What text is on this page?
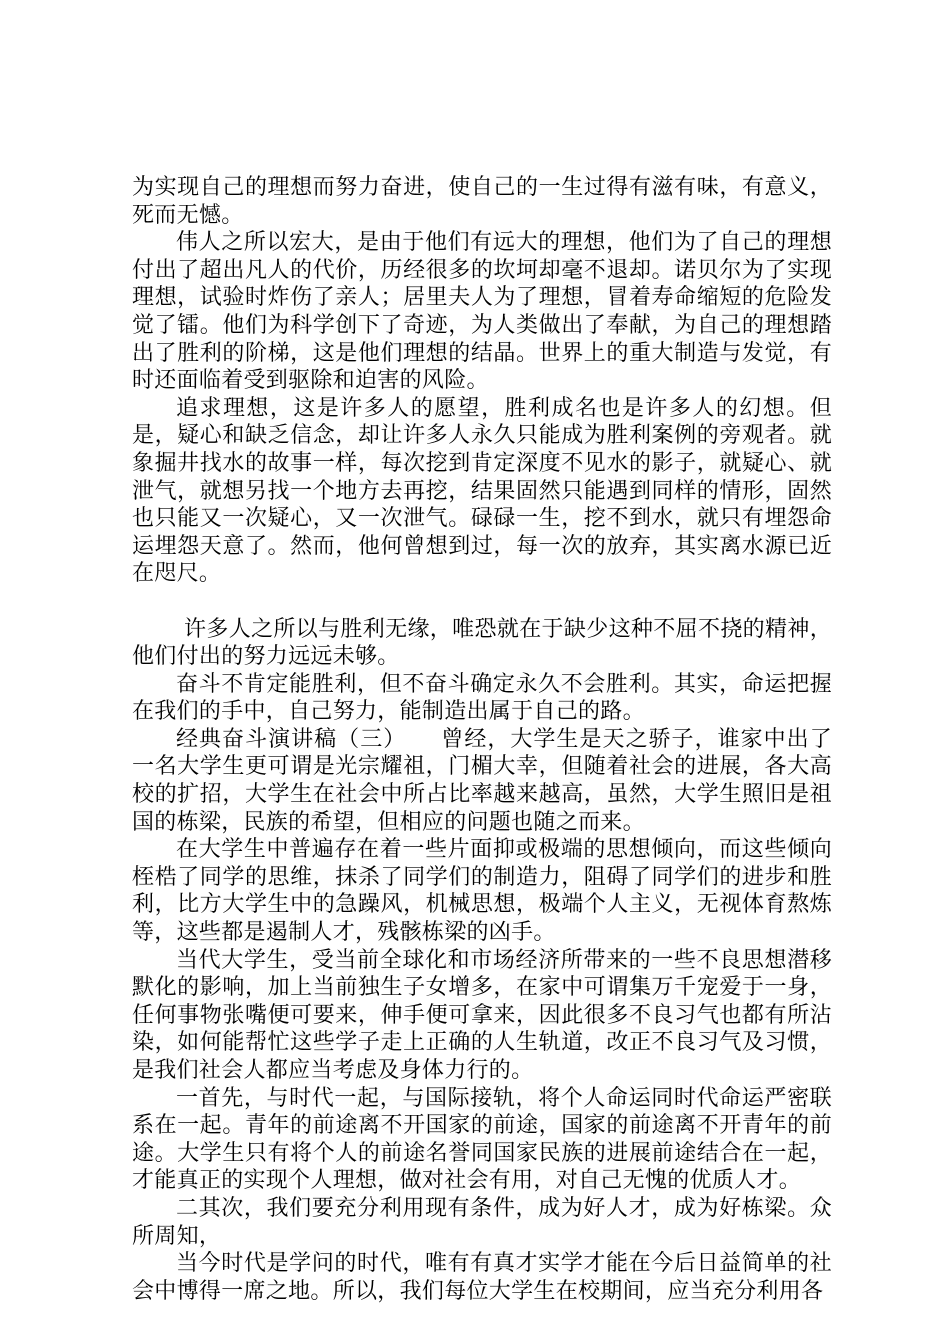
为实现自己的理想而努力奋进，使自己的一生过得有滋有味，有意义，死而无憾。

伟人之所以宏大，是由于他们有远大的理想，他们为了自己的理想付出了超出凡人的代价，历经很多的坎坷却毫不退却。诺贝尔为了实现理想，试验时炸伤了亲人；居里夫人为了理想，冒着寿命缩短的危险发觉了镭。他们为科学创下了奇迹，为人类做出了奉献，为自己的理想踏出了胜利的阶梯，这是他们理想的结晶。世界上的重大制造与发觉，有时还面临着受到驱除和迫害的风险。

追求理想，这是许多人的愿望，胜利成名也是许多人的幻想。但是，疑心和缺乏信念，却让许多人永久只能成为胜利案例的旁观者。就象掘井找水的故事一样，每次挖到肯定深度不见水的影子，就疑心、就泄气，就想另找一个地方去再挖，结果固然只能遇到同样的情形，固然也只能又一次疑心，又一次泄气。碌碌一生，挖不到水，就只有埋怨命运埋怨天意了。然而，他何曾想到过，每一次的放弃，其实离水源已近在咫尺。

许多人之所以与胜利无缘，唯恐就在于缺少这种不屈不挠的精神，他们付出的努力远远未够。

奋斗不肯定能胜利，但不奋斗确定永久不会胜利。其实，命运把握在我们的手中，自己努力，能制造出属于自己的路。

经典奋斗演讲稿（三）　　曾经，大学生是天之骄子，谁家中出了一名大学生更可谓是光宗耀祖，门楣大幸，但随着社会的进展，各大高校的扩招，大学生在社会中所占比率越来越高，虽然，大学生照旧是祖国的栋梁，民族的希望，但相应的问题也随之而来。

在大学生中普遍存在着一些片面抑或极端的思想倾向，而这些倾向桎梏了同学的思维，抹杀了同学们的制造力，阻碍了同学们的进步和胜利，比方大学生中的急躁风，机械思想，极端个人主义，无视体育熬炼等，这些都是遏制人才，残骸栋梁的凶手。

当代大学生，受当前全球化和市场经济所带来的一些不良思想潜移默化的影响，加上当前独生子女增多，在家中可谓集万千宠爱于一身，任何事物张嘴便可要来，伸手便可拿来，因此很多不良习气也都有所沾染，如何能帮忙这些学子走上正确的人生轨道，改正不良习气及习惯，是我们社会人都应当考虑及身体力行的。

一首先，与时代一起，与国际接轨，将个人命运同时代命运严密联系在一起。青年的前途离不开国家的前途，国家的前途离不开青年的前途。大学生只有将个人的前途名誉同国家民族的进展前途结合在一起，才能真正的实现个人理想，做对社会有用，对自己无愧的优质人才。

二其次，我们要充分利用现有条件，成为好人才，成为好栋梁。众所周知，

当今时代是学问的时代，唯有有真才实学才能在今后日益简单的社会中博得一席之地。所以，我们每位大学生在校期间，应当充分利用各
